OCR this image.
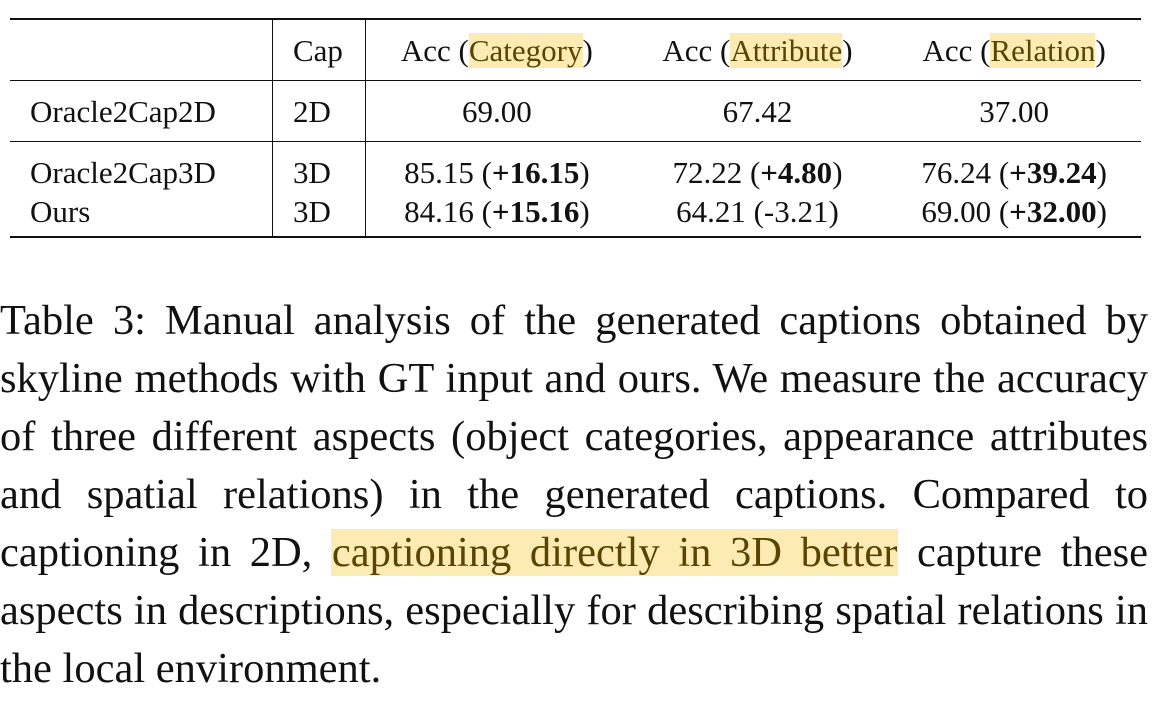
	Cap	Acc (Category)	Acc (Attribute)	Acc (Relation)
Oracle2Cap2D	2D	69.00	67.42	37.00
Oracle2Cap3D	3D	85.15 (+16.15)	72.22 (+4.80)	76.24 (+39.24)
Ours	3D	84.16 (+15.16)	64.21 (-3.21)	69.00 (+32.00)
Table 3: Manual analysis of the generated captions obtained by skyline methods with GT input and ours. We measure the accuracy of three different aspects (object categories, appearance attributes and spatial relations) in the generated captions. Compared to captioning in 2D, captioning directly in 3D better capture these aspects in descriptions, especially for describing spatial relations in the local environment.
